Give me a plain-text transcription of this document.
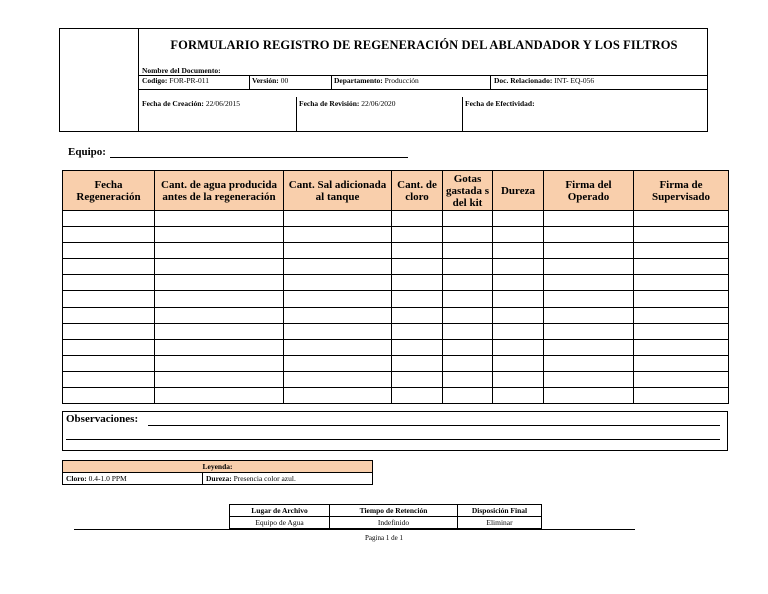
FORMULARIO REGISTRO DE REGENERACIÓN DEL ABLANDADOR Y LOS FILTROS
Nombre del Documento:
Codigo: FOR-PR-011	Versión: 00	Departamento: Producción	Doc. Relacionado: INT- EQ-056
Fecha de Creación: 22/06/2015	Fecha de Revisión: 22/06/2020	Fecha de Efectividad:
Equipo:
Fecha Regeneración	Cant. de agua producida antes de la regeneración	Cant. Sal adicionada al tanque	Cant. de cloro	Gotas gastada s del kit	Dureza	Firma del Operado	Firma de Supervisado

Observaciones:
Leyenda:
Cloro: 0.4-1.0 PPM	Dureza: Presencia color azul.
Lugar de Archivo	Tiempo de Retención	Disposición Final
Equipo de Agua	Indefinido	Eliminar
Pagina 1 de 1
